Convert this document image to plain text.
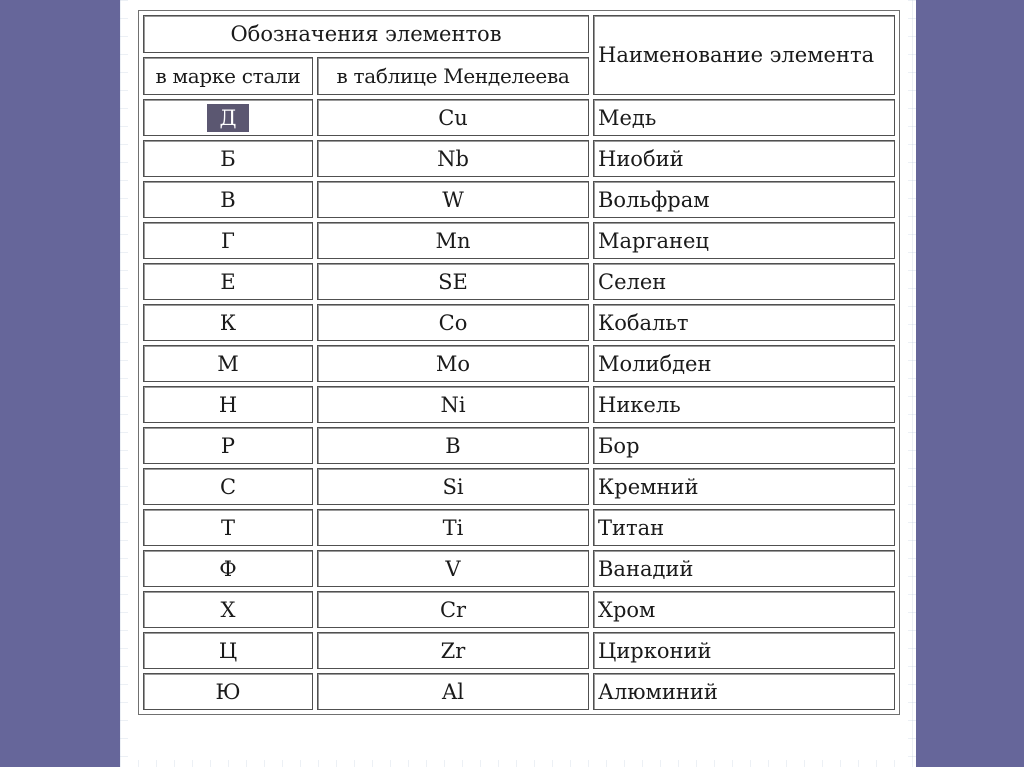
Обозначения элементов		Наименование элемента
в марке стали	в таблице Менделеева	
Д	Cu	Медь
Б	Nb	Ниобий
В	W	Вольфрам
Г	Mn	Марганец
Е	SE	Селен
К	Co	Кобальт
М	Mo	Молибден
Н	Ni	Никель
Р	B	Бор
С	Si	Кремний
Т	Ti	Титан
Ф	V	Ванадий
Х	Cr	Хром
Ц	Zr	Цирконий
Ю	Al	Алюминий
